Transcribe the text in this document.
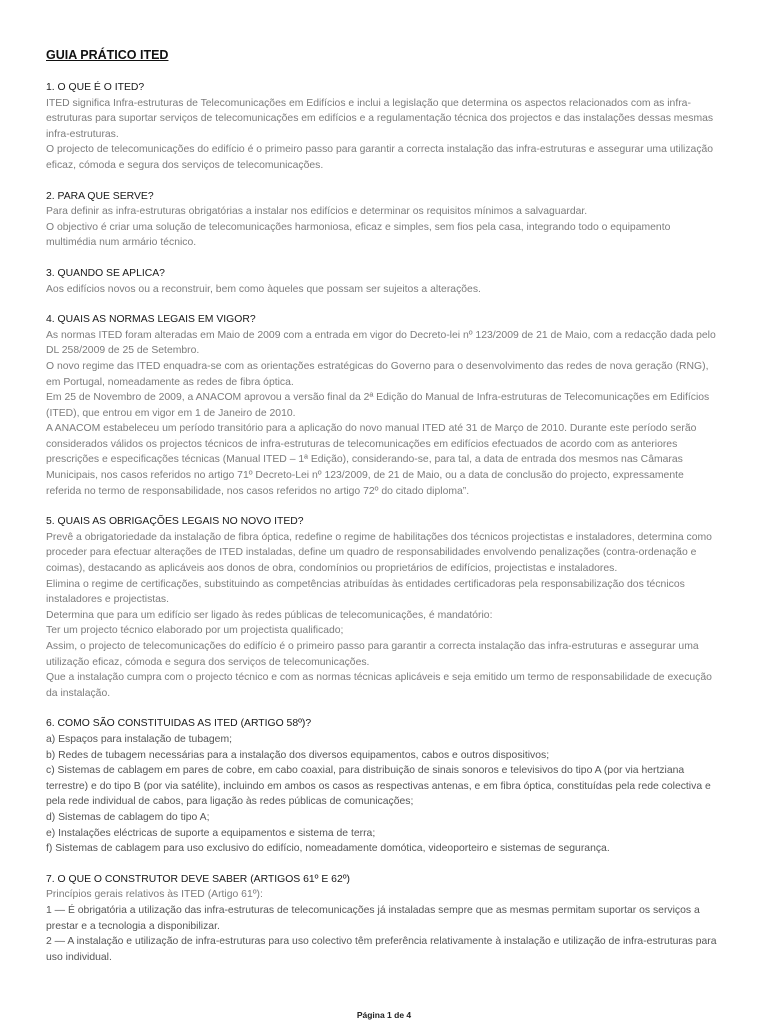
GUIA PRÁTICO ITED
1. O QUE É O ITED?
ITED significa Infra-estruturas de Telecomunicações em Edifícios e inclui a legislação que determina os aspectos relacionados com as infra-estruturas para suportar serviços de telecomunicações em edifícios e a regulamentação técnica dos projectos e das instalações dessas mesmas infra-estruturas.
O projecto de telecomunicações do edifício é o primeiro passo para garantir a correcta instalação das infra-estruturas e assegurar uma utilização eficaz, cómoda e segura dos serviços de telecomunicações.
2. PARA QUE SERVE?
Para definir as infra-estruturas obrigatórias a instalar nos edifícios e determinar os requisitos mínimos a salvaguardar.
O objectivo é criar uma solução de telecomunicações harmoniosa, eficaz e simples, sem fios pela casa, integrando todo o equipamento multimédia num armário técnico.
3. QUANDO SE APLICA?
Aos edifícios novos ou a reconstruir, bem como àqueles que possam ser sujeitos a alterações.
4. QUAIS AS NORMAS LEGAIS EM VIGOR?
As normas ITED foram alteradas em Maio de 2009 com a entrada em vigor do Decreto-lei nº 123/2009 de 21 de Maio, com a redacção dada pelo DL 258/2009 de 25 de Setembro.
O novo regime das ITED enquadra-se com as orientações estratégicas do Governo para o desenvolvimento das redes de nova geração (RNG), em Portugal, nomeadamente as redes de fibra óptica.
Em 25 de Novembro de 2009, a ANACOM aprovou a versão final da 2ª Edição do Manual de Infra-estruturas de Telecomunicações em Edifícios (ITED), que entrou em vigor em 1 de Janeiro de 2010.
A ANACOM estabeleceu um período transitório para a aplicação do novo manual ITED até 31 de Março de 2010. Durante este período serão considerados válidos os projectos técnicos de infra-estruturas de telecomunicações em edifícios efectuados de acordo com as anteriores prescrições e especificações técnicas (Manual ITED – 1ª Edição), considerando-se, para tal, a data de entrada dos mesmos nas Câmaras Municipais, nos casos referidos no artigo 71º Decreto-Lei nº 123/2009, de 21 de Maio, ou a data de conclusão do projecto, expressamente referida no termo de responsabilidade, nos casos referidos no artigo 72º do citado diploma”.
5. QUAIS AS OBRIGAÇÕES LEGAIS NO NOVO ITED?
Prevê a obrigatoriedade da instalação de fibra óptica, redefine o regime de habilitações dos técnicos projectistas e instaladores, determina como proceder para efectuar alterações de ITED instaladas, define um quadro de responsabilidades envolvendo penalizações (contra-ordenação e coimas), destacando as aplicáveis aos donos de obra, condomínios ou proprietários de edifícios, projectistas e instaladores.
Elimina o regime de certificações, substituindo as competências atribuídas às entidades certificadoras pela responsabilização dos técnicos instaladores e projectistas.
Determina que para um edifício ser ligado às redes públicas de telecomunicações, é mandatório:
Ter um projecto técnico elaborado por um projectista qualificado;
Assim, o projecto de telecomunicações do edifício é o primeiro passo para garantir a correcta instalação das infra-estruturas e assegurar uma utilização eficaz, cómoda e segura dos serviços de telecomunicações.
Que a instalação cumpra com o projecto técnico e com as normas técnicas aplicáveis e seja emitido um termo de responsabilidade de execução da instalação.
6. COMO SÃO CONSTITUIDAS AS ITED (ARTIGO 58º)?
a) Espaços para instalação de tubagem;
b) Redes de tubagem necessárias para a instalação dos diversos equipamentos, cabos e outros dispositivos;
c) Sistemas de cablagem em pares de cobre, em cabo coaxial, para distribuição de sinais sonoros e televisivos do tipo A (por via hertziana terrestre) e do tipo B (por via satélite), incluindo em ambos os casos as respectivas antenas, e em fibra óptica, constituídas pela rede colectiva e pela rede individual de cabos, para ligação às redes públicas de comunicações;
d) Sistemas de cablagem do tipo A;
e) Instalações eléctricas de suporte a equipamentos e sistema de terra;
f) Sistemas de cablagem para uso exclusivo do edifício, nomeadamente domótica, videoporteiro e sistemas de segurança.
7. O QUE O CONSTRUTOR DEVE SABER (ARTIGOS 61º E 62º)
Princípios gerais relativos às ITED (Artigo 61º):
1 — É obrigatória a utilização das infra-estruturas de telecomunicações já instaladas sempre que as mesmas permitam suportar os serviços a prestar e a tecnologia a disponibilizar.
2 — A instalação e utilização de infra-estruturas para uso colectivo têm preferência relativamente à instalação e utilização de infra-estruturas para uso individual.
Página 1 de 4
